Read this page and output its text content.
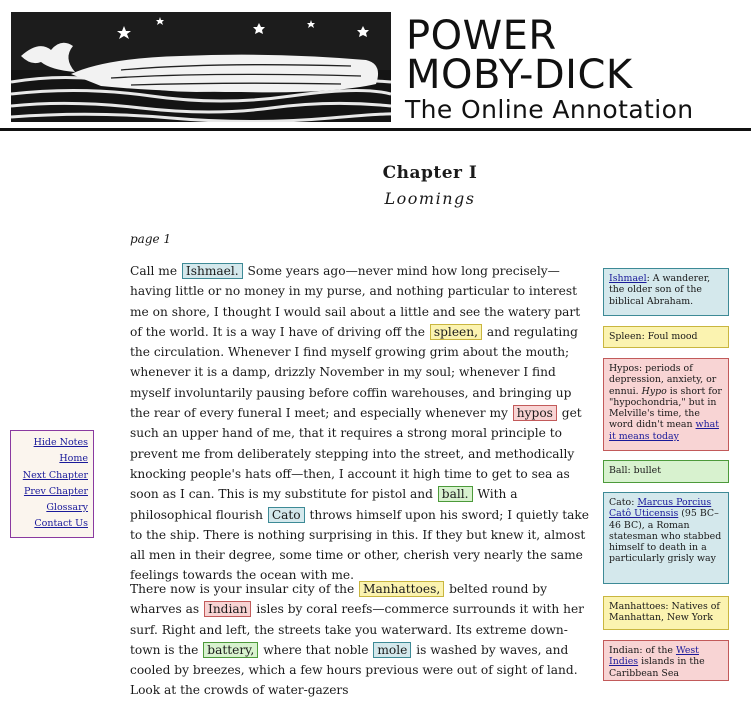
POWER
MOBY-DICK
The Online Annotation
Chapter I
Loomings
page 1
Hide Notes
Home
Next Chapter
Prev Chapter
Glossary
Contact Us
Call me Ishmael. Some years ago—never mind how long precisely—having little or no money in my purse, and nothing particular to interest me on shore, I thought I would sail about a little and see the watery part of the world. It is a way I have of driving off the spleen, and regulating the circulation. Whenever I find myself growing grim about the mouth; whenever it is a damp, drizzly November in my soul; whenever I find myself involuntarily pausing before coffin warehouses, and bringing up the rear of every funeral I meet; and especially whenever my hypos get such an upper hand of me, that it requires a strong moral principle to prevent me from deliberately stepping into the street, and methodically knocking people's hats off—then, I account it high time to get to sea as soon as I can. This is my substitute for pistol and ball. With a philosophical flourish Cato throws himself upon his sword; I quietly take to the ship. There is nothing surprising in this. If they but knew it, almost all men in their degree, some time or other, cherish very nearly the same feelings towards the ocean with me.
There now is your insular city of the Manhattoes, belted round by wharves as Indian isles by coral reefs—commerce surrounds it with her surf. Right and left, the streets take you waterward. Its extreme down-town is the battery, where that noble mole is washed by waves, and cooled by breezes, which a few hours previous were out of sight of land. Look at the crowds of water-gazers
Ishmael: A wanderer, the older son of the biblical Abraham.
Spleen: Foul mood
Hypos: periods of depression, anxiety, or ennui. Hypo is short for "hypochondria," but in Melville's time, the word didn't mean what it means today
Ball: bullet
Cato: Marcus Porcius Catô Uticensis (95 BC–46 BC), a Roman statesman who stabbed himself to death in a particularly grisly way
Manhattoes: Natives of Manhattan, New York
Indian: of the West Indies islands in the Caribbean Sea
